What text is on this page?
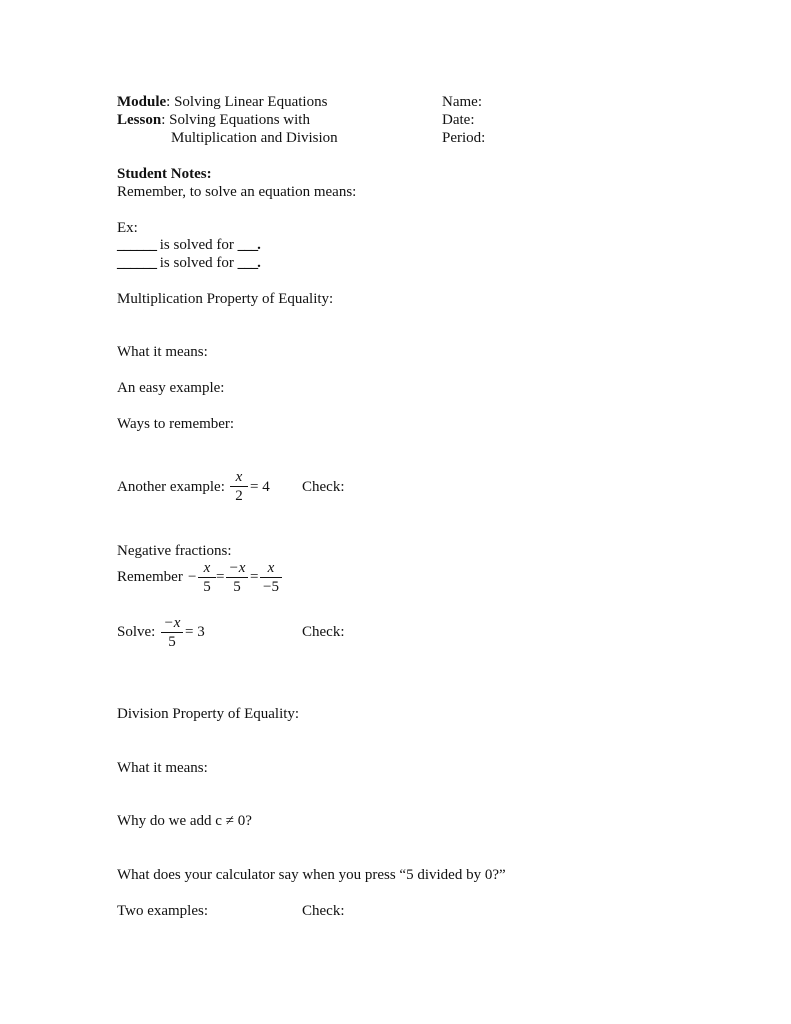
Module: Solving Linear Equations
Lesson: Solving Equations with
Multiplication and Division
Name:
Date:
Period:
Student Notes:
Remember, to solve an equation means:
Ex:
______ is solved for ___.
______ is solved for ___.
Multiplication Property of Equality:
What it means:
An easy example:
Ways to remember:
Another example:
x
2
= 4 Check:
Negative fractions:
Remember −
x
5
=
−x
5
=
x
−5
Solve:
−x
5
= 3	Check:
Division Property of Equality:
What it means:
Why do we add c ≠ 0?
What does your calculator say when you press “5 divided by 0?”
Two examples:	Check:
